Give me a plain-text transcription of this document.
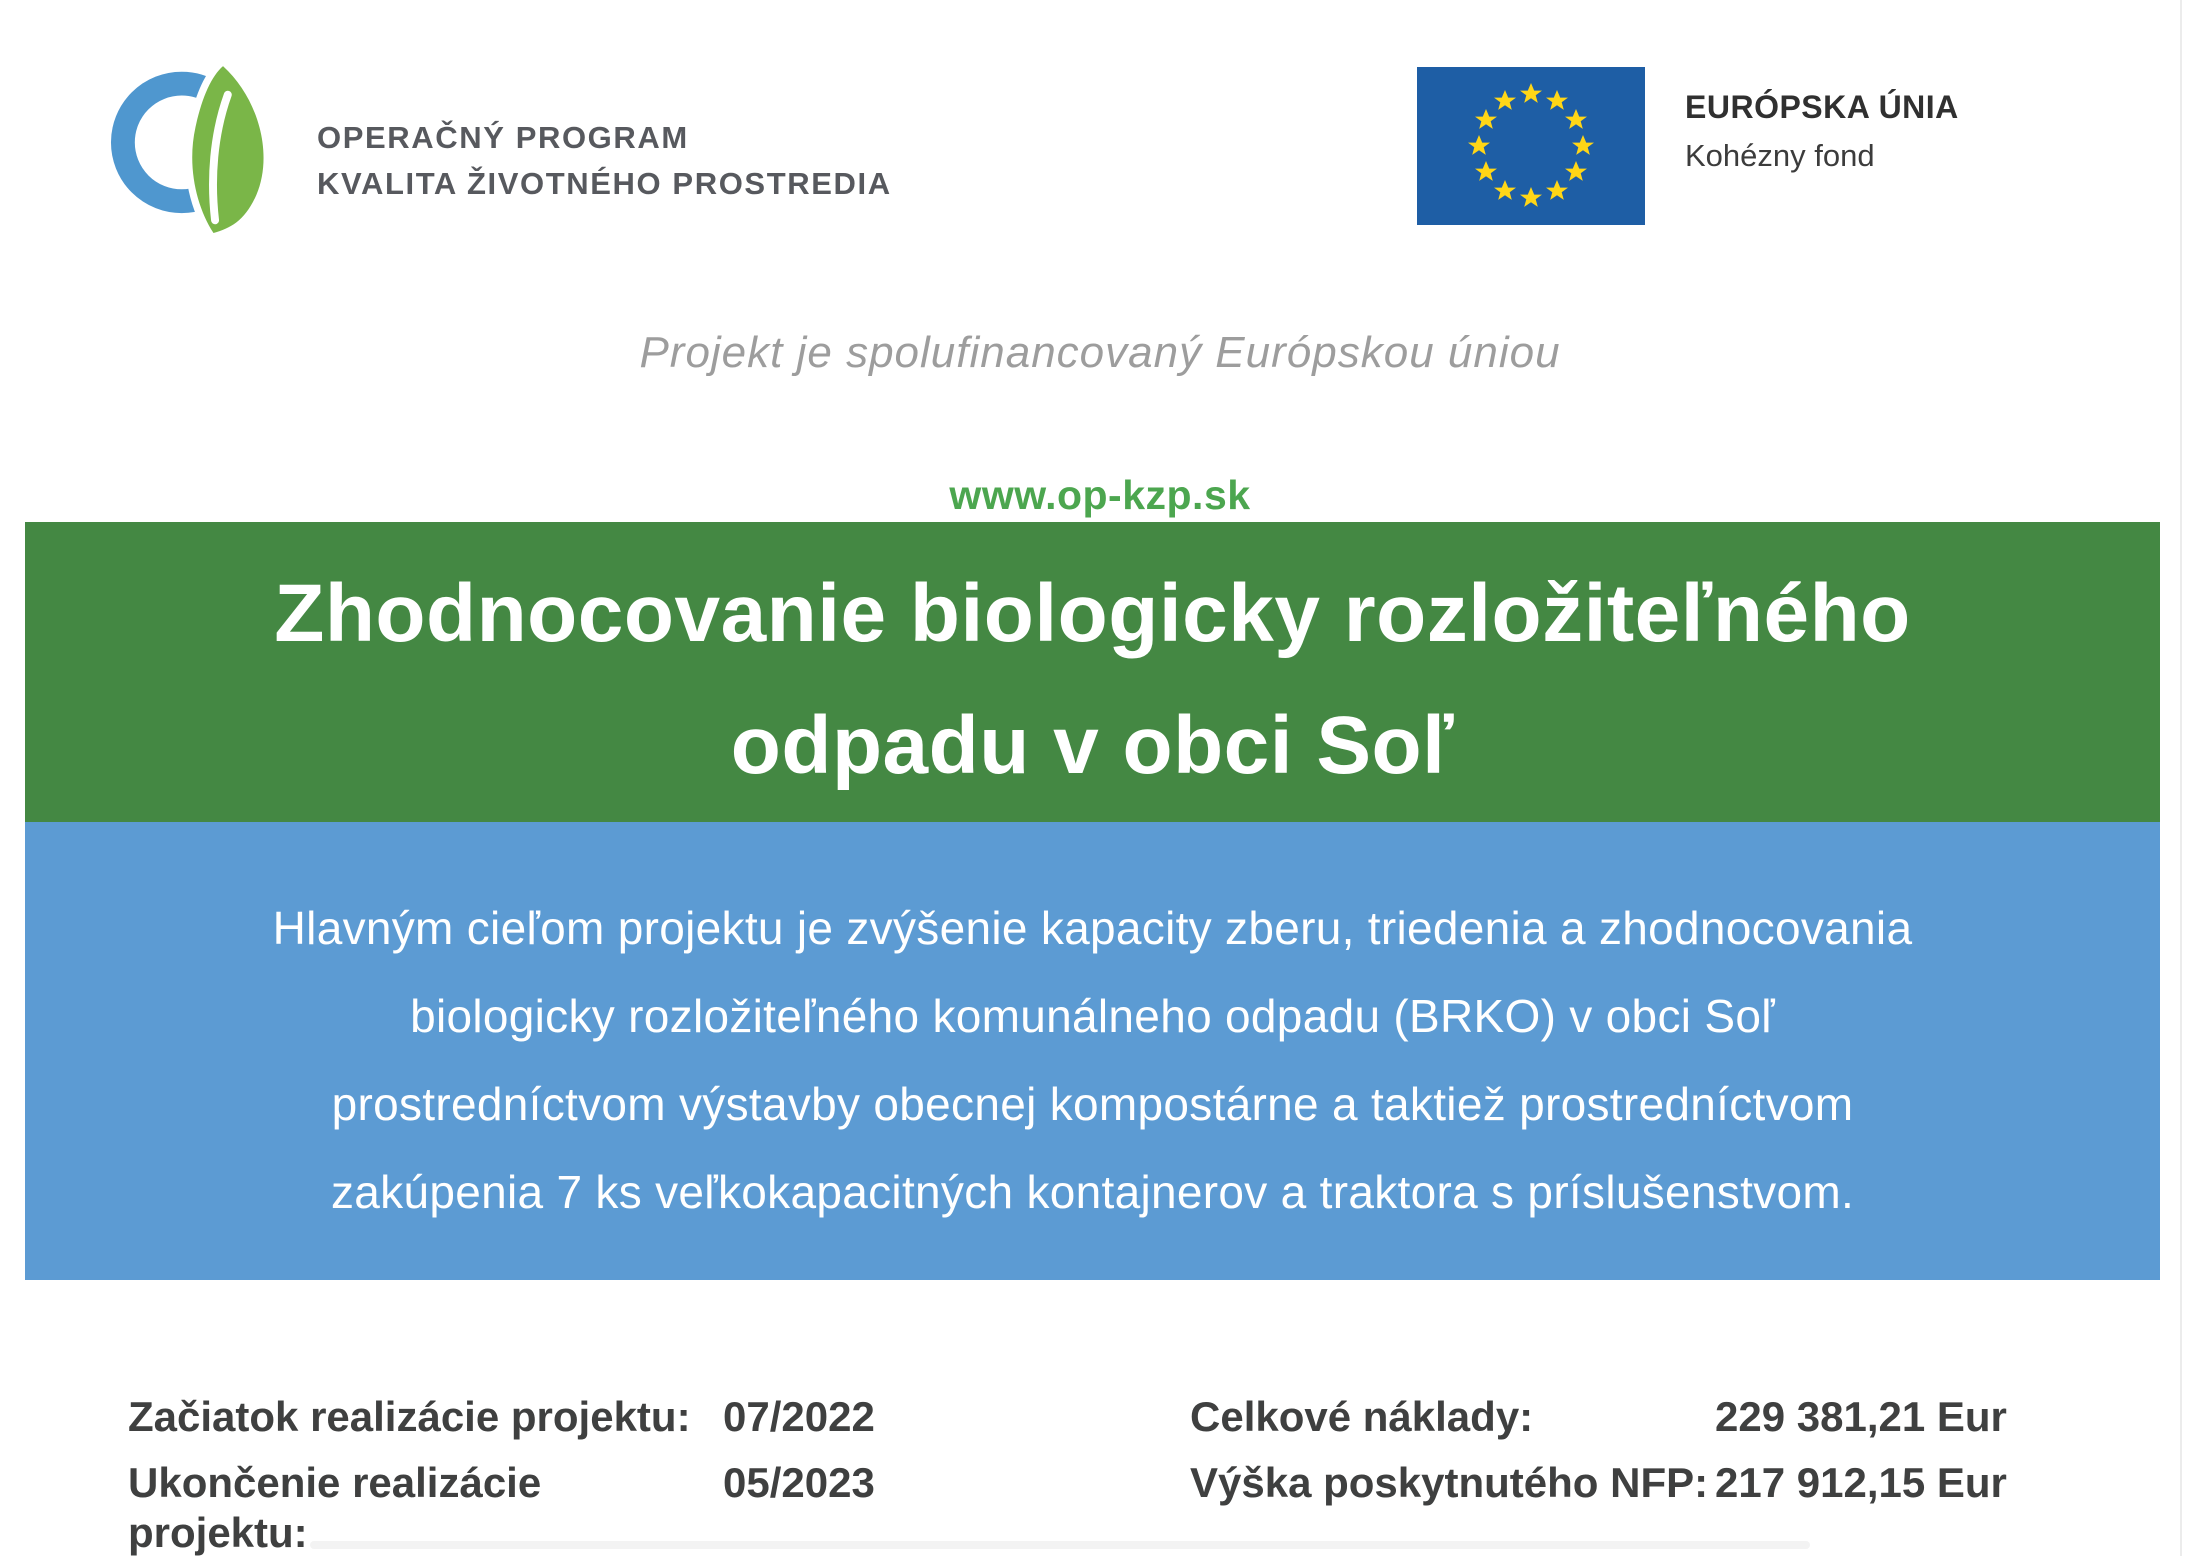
OPERAČNÝ PROGRAM
KVALITA ŽIVOTNÉHO PROSTREDIA
EURÓPSKA ÚNIA
Kohézny fond
Projekt je spolufinancovaný Európskou úniou
www.op-kzp.sk
Zhodnocovanie biologicky rozložiteľného
odpadu v obci Soľ
Hlavným cieľom projektu je zvýšenie kapacity zberu, triedenia a zhodnocovania
biologicky rozložiteľného komunálneho odpadu (BRKO) v obci Soľ
prostredníctvom výstavby obecnej kompostárne a taktiež prostredníctvom
zakúpenia 7 ks veľkokapacitných kontajnerov a traktora s príslušenstvom.
Začiatok realizácie projektu: 07/2022
Ukončenie realizácie projektu:
05/2023
Celkové náklady:	229 381,21 Eur
Výška poskytnutého NFP: 217 912,15 Eur
